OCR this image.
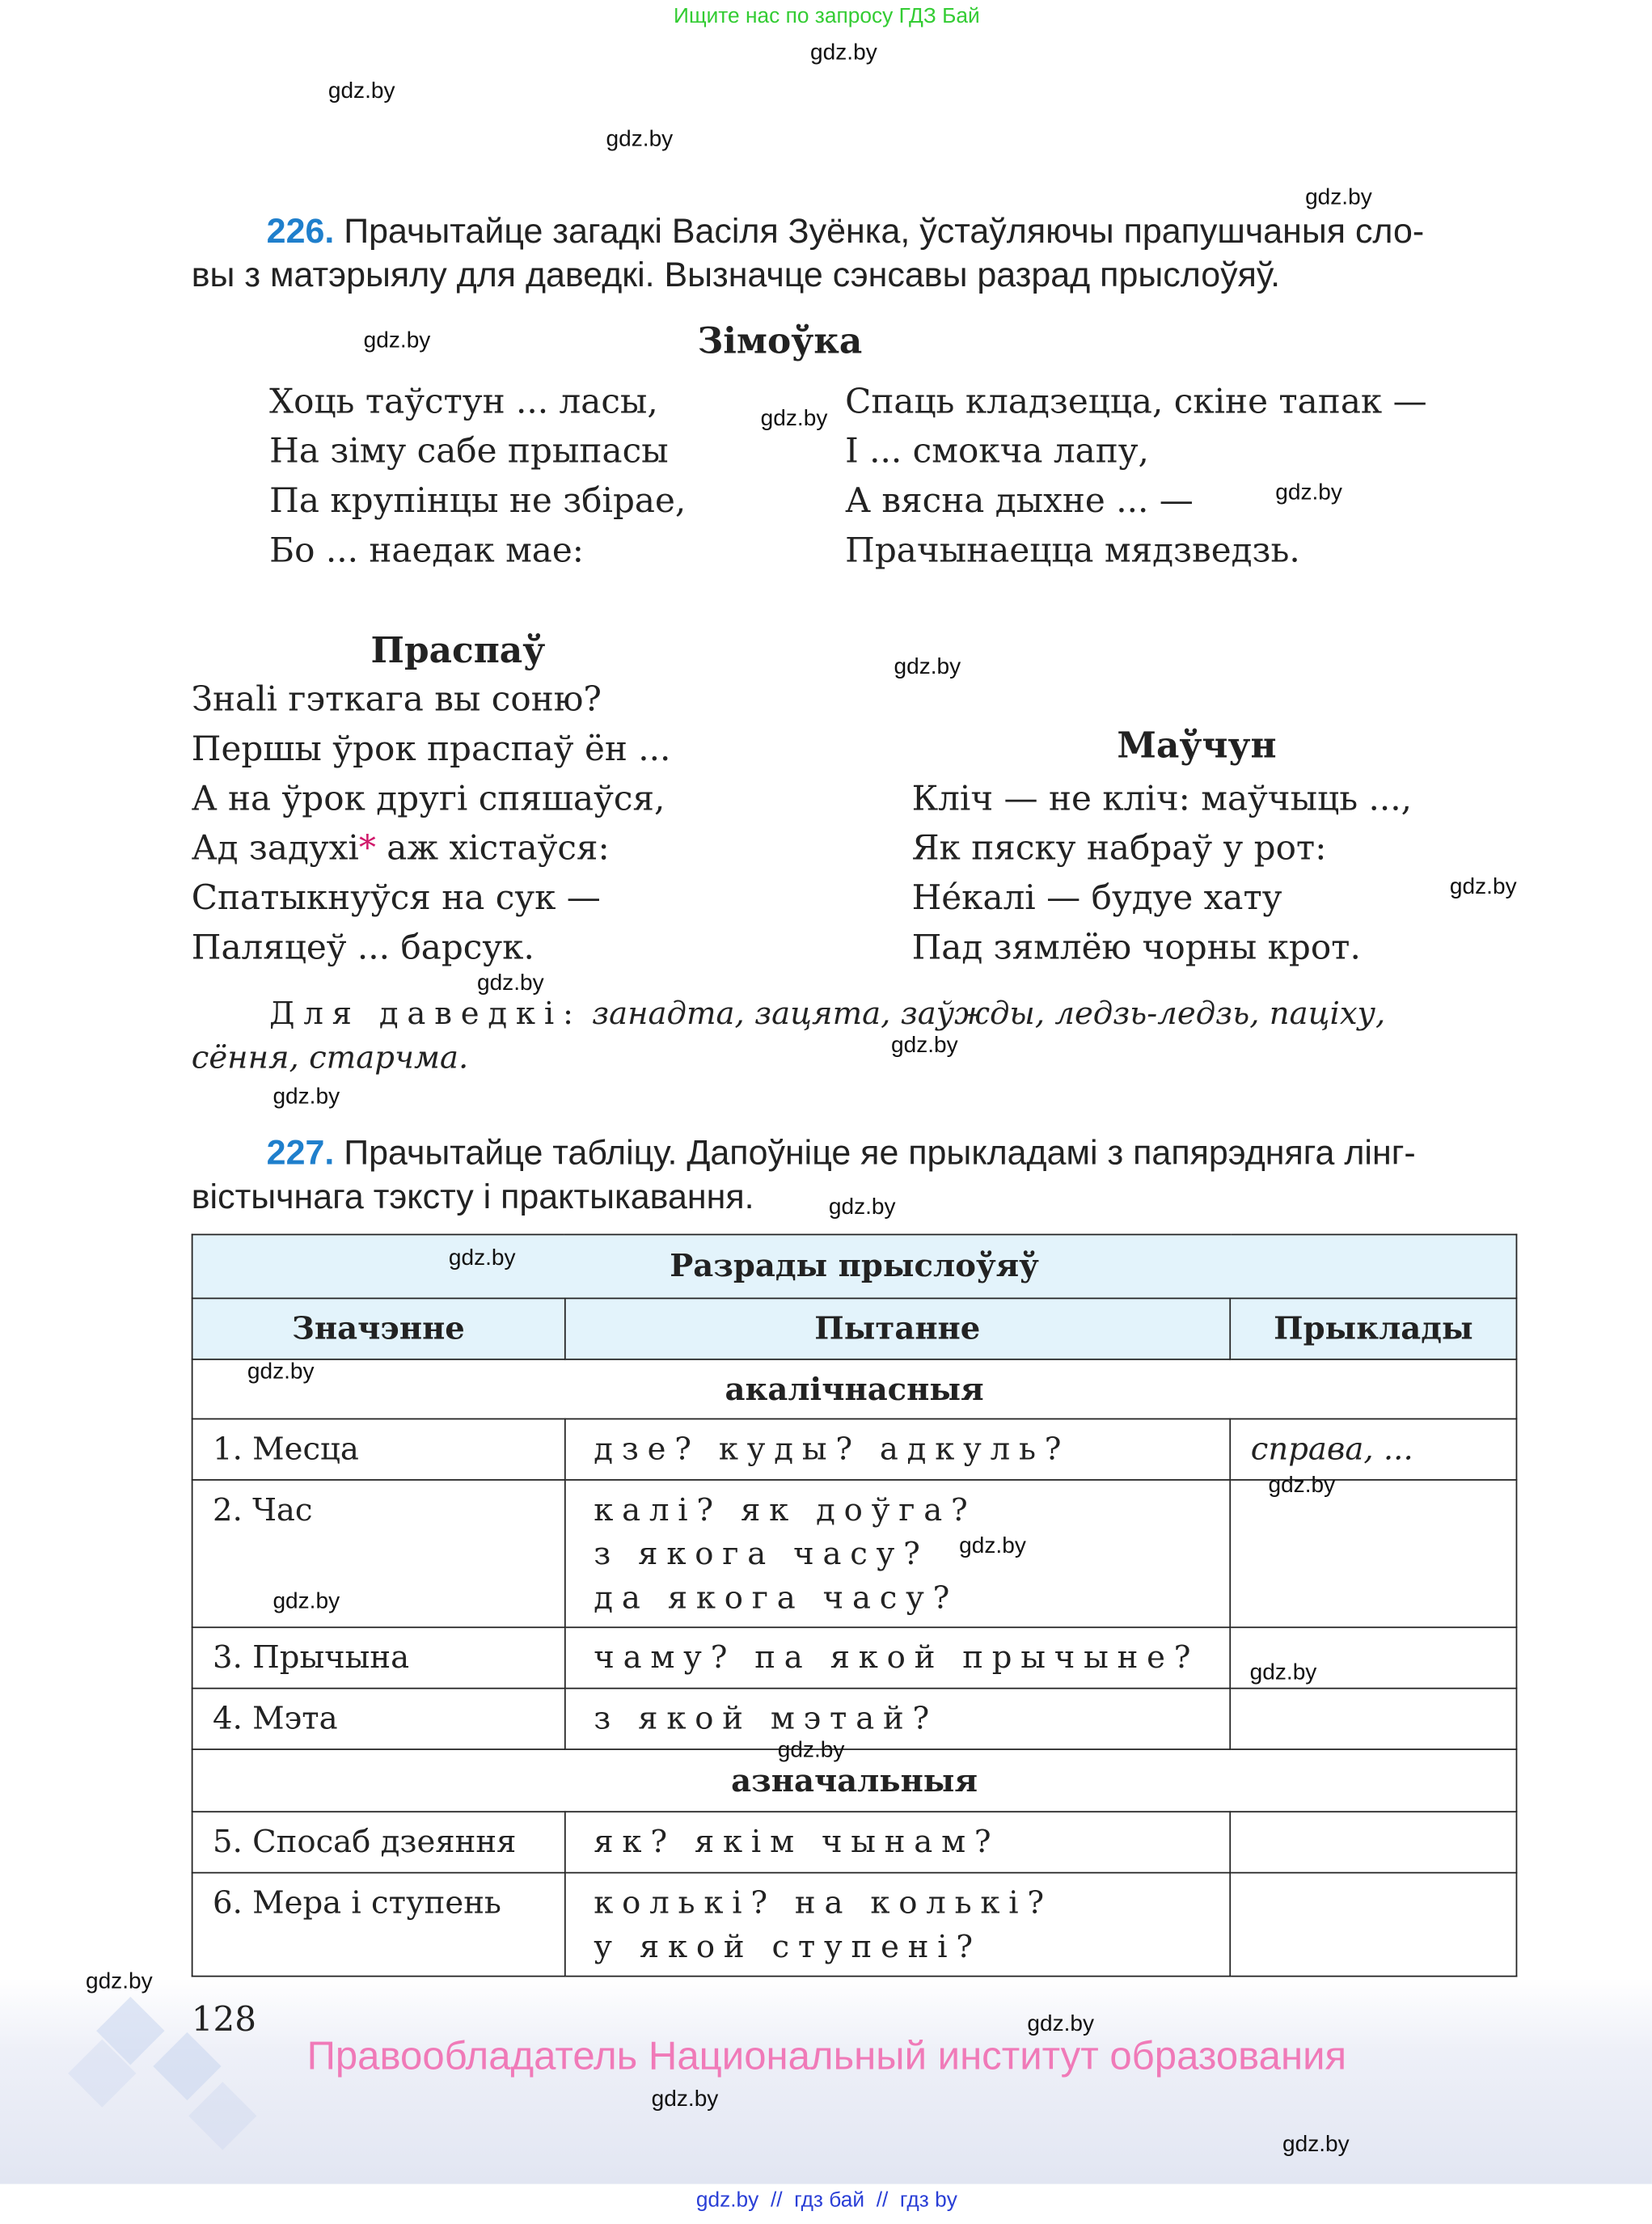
Ищите нас по запросу ГДЗ Бай
226. Прачытайце загадкі Васіля Зуёнка, ўстаўляючы прапушчаныя сло-
вы з матэрыялу для даведкі. Вызначце сэнсавы разрад прыслоўяў.
Зімоўка
Хоць таўстун ... ласы,
На зіму сабе прыпасы
Па крупінцы не збірае,
Бо ... наедак мае:
Спаць кладзецца, скіне тапак —
І ... смокча лапу,
А вясна дыхне ... —
Прачынаецца мядзведзь.
Праспаў
Знalі гэткага вы соню?
Першы ўрок праспаў ён ...
А на ўрок другі спяшаўся,
Ад задухі* аж хістаўся:
Спатыкнуўся на сук —
Паляцеў ... барсук.
Маўчун
Кліч — не кліч: маўчыць ...,
Як пяску набраў у рот:
Не́калі — будуе хату
Пад зямлёю чорны крот.
Для даведкі: занадта, зацята, заўжды, ледзь-ледзь, паціху,
сёння, старчма.
227. Прачытайце табліцу. Дапоўніце яе прыкладамі з папярэдняга лінг-
вістычнага тэксту і практыкавання.
Разрады прыслоўяў		
Значэнне	Пытанне	Прыклады
акалічнасныя		
1. Месца	дзе? куды? адкуль?	справа, ...
2. Час	калі? як доўга?
з якога часу?
да якога часу?	

3. Прычына	чаму? па якой прычыне?	
4. Мэта	з якой мэтай?	
азначальныя		
5. Спосаб дзеяння	як? якім чынам?	
6. Мера і ступень	колькі? на колькі?
у якой ступені?	

128
Правообладатель Национальный институт образования
gdz.by  //  гдз бай  //  гдз by
gdz.by
gdz.by
gdz.by
gdz.by
gdz.by
gdz.by
gdz.by
gdz.by
gdz.by
gdz.by
gdz.by
gdz.by
gdz.by
gdz.by
gdz.by
gdz.by
gdz.by
gdz.by
gdz.by
gdz.by
gdz.by
gdz.by
gdz.by
gdz.by
